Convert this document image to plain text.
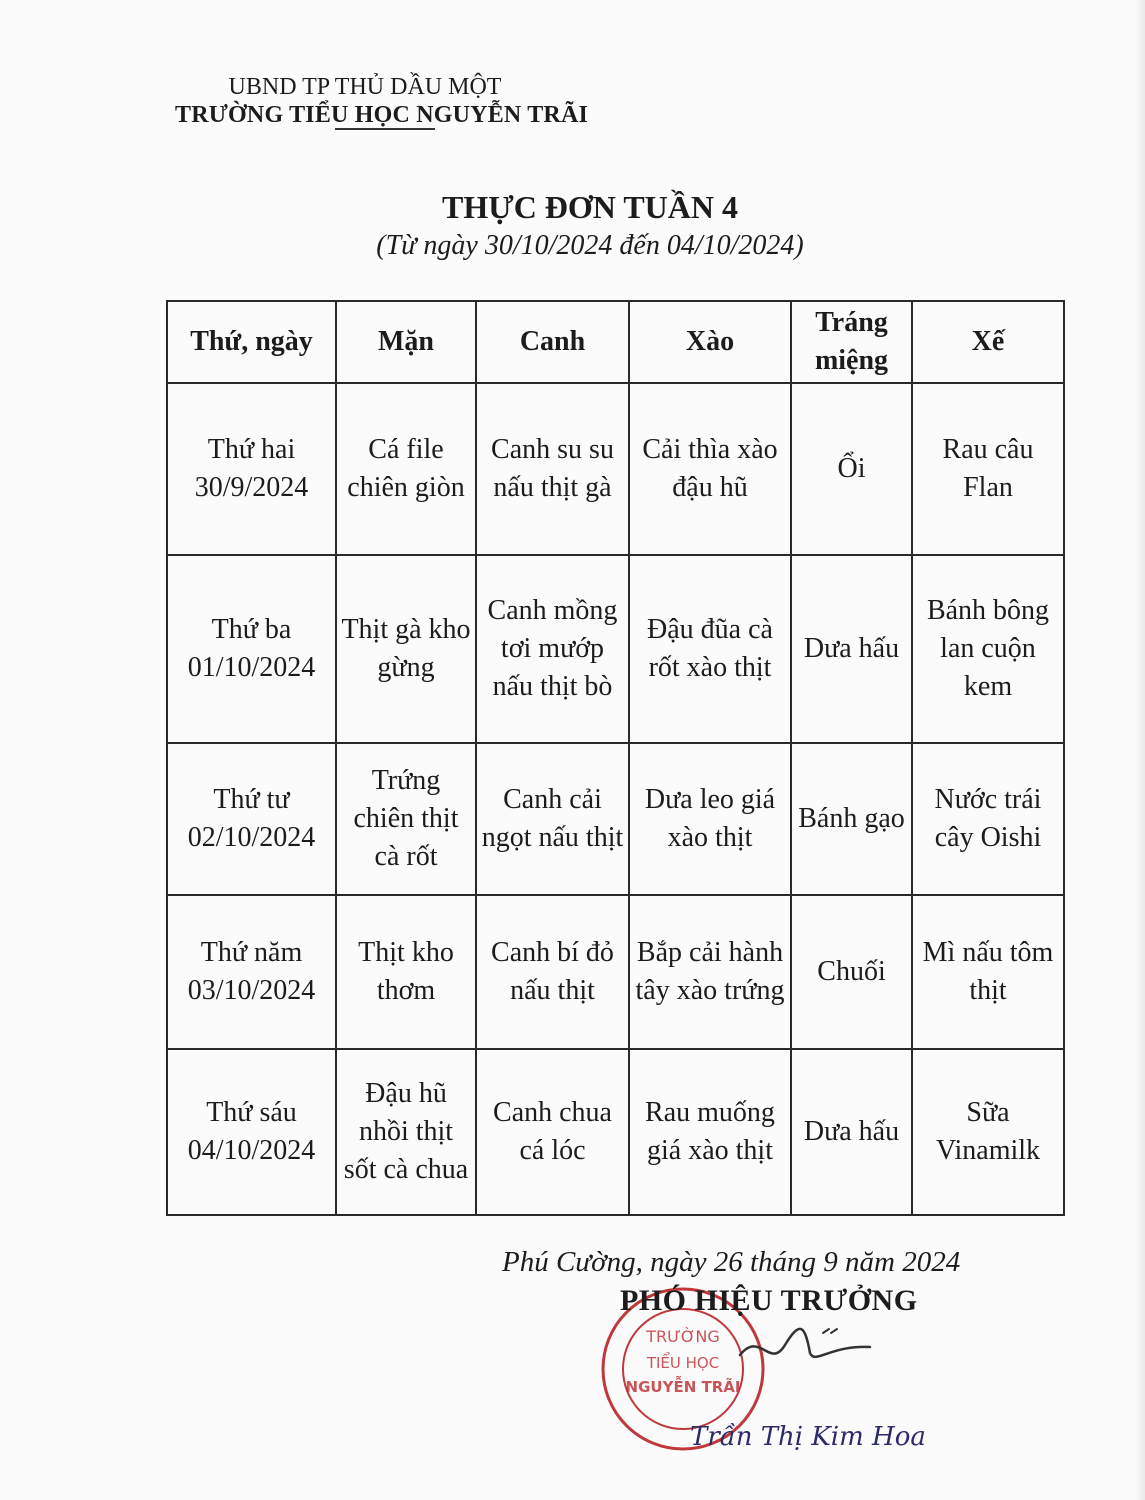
UBND TP THỦ DẦU MỘT
TRƯỜNG TIỂU HỌC NGUYỄN TRÃI
THỰC ĐƠN TUẦN 4
(Từ ngày 30/10/2024 đến 04/10/2024)
Thứ, ngày	Mặn	Canh	Xào	Tráng miệng	Xế

Thứ hai
30/9/2024	Cá file chiên giòn	Canh su su nấu thịt gà	Cải thìa xào đậu hũ	Ổi	Rau câu Flan

Thứ ba
01/10/2024	Thịt gà kho gừng	Canh mồng tơi mướp nấu thịt bò	Đậu đũa cà rốt xào thịt	Dưa hấu	Bánh bông lan cuộn kem

Thứ tư
02/10/2024	Trứng chiên thịt cà rốt	Canh cải ngọt nấu thịt	Dưa leo giá xào thịt	Bánh gạo	Nước trái cây Oishi

Thứ năm
03/10/2024	Thịt kho thơm	Canh bí đỏ nấu thịt	Bắp cải hành tây xào trứng	Chuối	Mì nấu tôm thịt

Thứ sáu
04/10/2024	Đậu hũ nhồi thịt sốt cà chua	Canh chua cá lóc	Rau muống giá xào thịt	Dưa hấu	Sữa Vinamilk
Phú Cường, ngày 26 tháng 9 năm 2024
TRƯỜNG
TIỂU HỌC
NGUYỄN TRÃI
PHÓ HIỆU TRƯỞNG
Trần Thị Kim Hoa
